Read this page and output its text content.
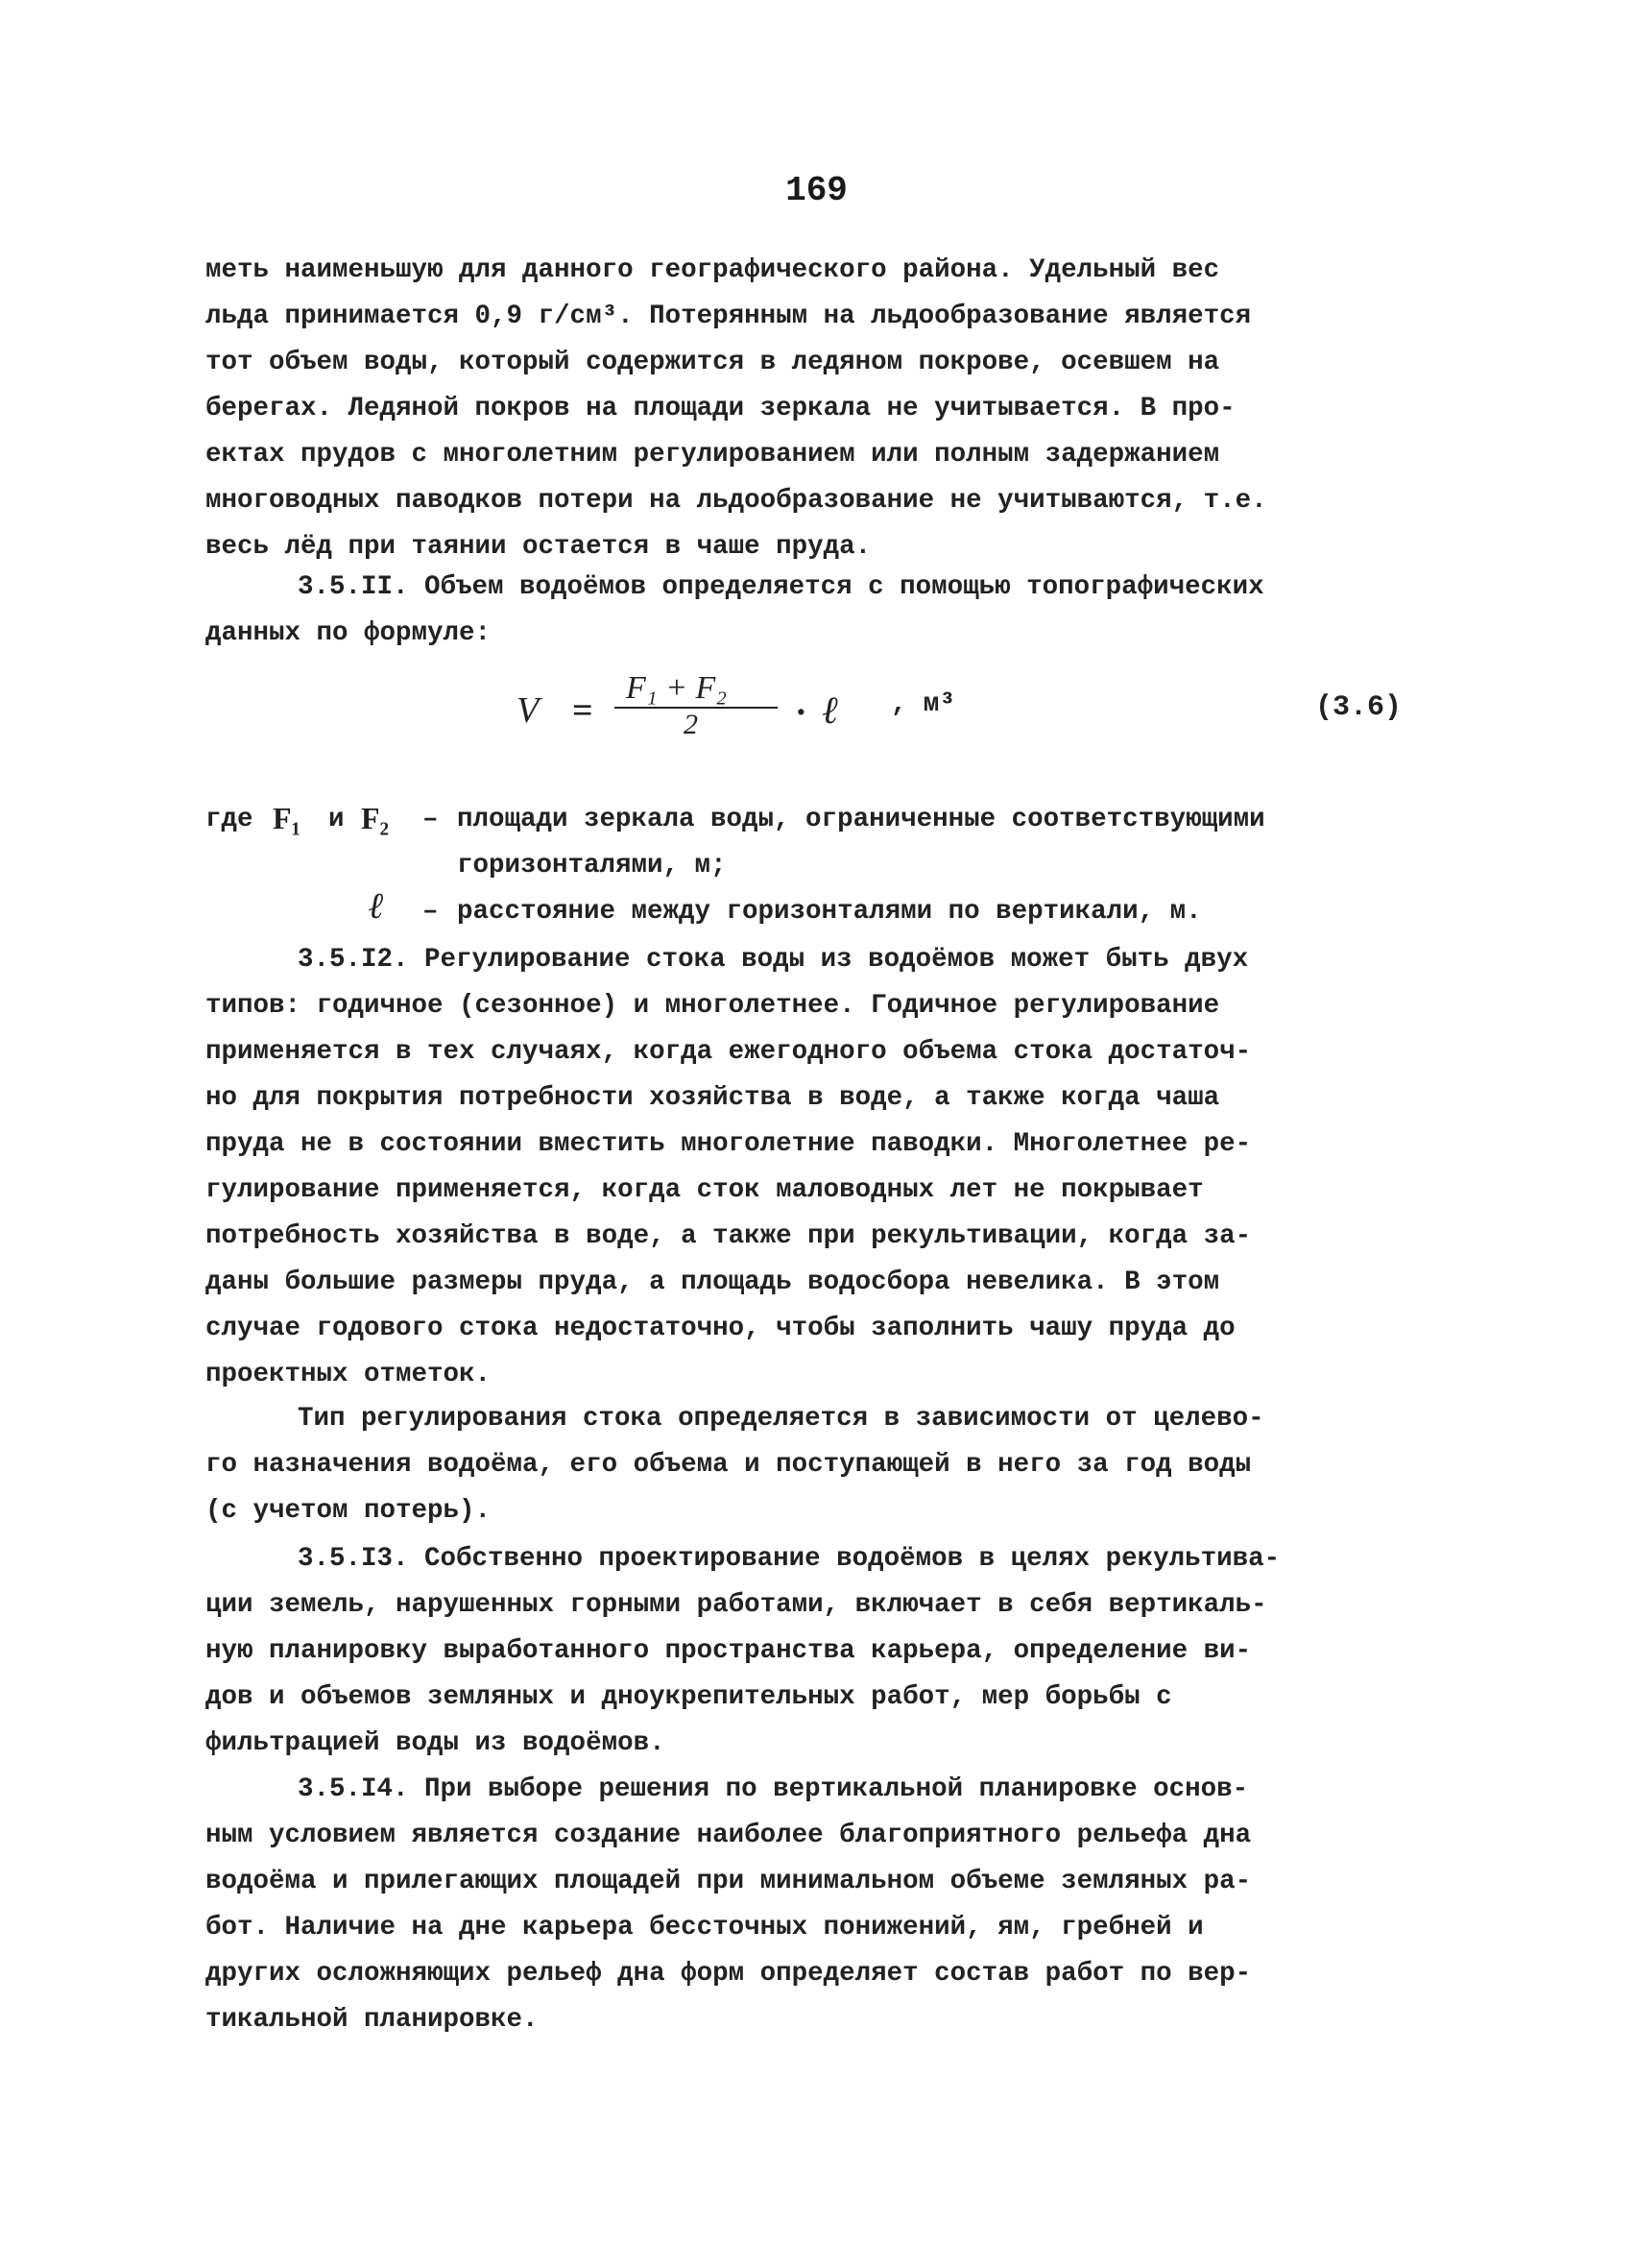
169
меть наименьшую для данного географического района. Удельный вес
льда принимается 0,9 г/см³. Потерянным на льдообразование является
тот объем воды, который содержится в ледяном покрове, осевшем на
берегах. Ледяной покров на площади зеркала не учитывается. В про-
ектах прудов с многолетним регулированием или полным задержанием
многоводных паводков потери на льдообразование не учитываются, т.е.
весь лёд при таянии остается в чаше пруда.
3.5.II. Объем водоёмов определяется с помощью топографических
данных по формуле:
V =
F₁ + F₂
2	· ℓ , м³	(3.6)
где F₁ и F₂ – площади зеркала воды, ограниченные соответствующими
горизонталями, м;
ℓ – расстояние между горизонталями по вертикали, м.
3.5.I2. Регулирование стока воды из водоёмов может быть двух
типов: годичное (сезонное) и многолетнее. Годичное регулирование
применяется в тех случаях, когда ежегодного объема стока достаточ-
но для покрытия потребности хозяйства в воде, а также когда чаша
пруда не в состоянии вместить многолетние паводки. Многолетнее ре-
гулирование применяется, когда сток маловодных лет не покрывает
потребность хозяйства в воде, а также при рекультивации, когда за-
даны большие размеры пруда, а площадь водосбора невелика. В этом
случае годового стока недостаточно, чтобы заполнить чашу пруда до
проектных отметок.
Тип регулирования стока определяется в зависимости от целево-
го назначения водоёма, его объема и поступающей в него за год воды
(с учетом потерь).
3.5.I3. Собственно проектирование водоёмов в целях рекультива-
ции земель, нарушенных горными работами, включает в себя вертикаль-
ную планировку выработанного пространства карьера, определение ви-
дов и объемов земляных и дноукрепительных работ, мер борьбы с
фильтрацией воды из водоёмов.
3.5.I4. При выборе решения по вертикальной планировке основ-
ным условием является создание наиболее благоприятного рельефа дна
водоёма и прилегающих площадей при минимальном объеме земляных ра-
бот. Наличие на дне карьера бессточных понижений, ям, гребней и
других осложняющих рельеф дна форм определяет состав работ по вер-
тикальной планировке.
